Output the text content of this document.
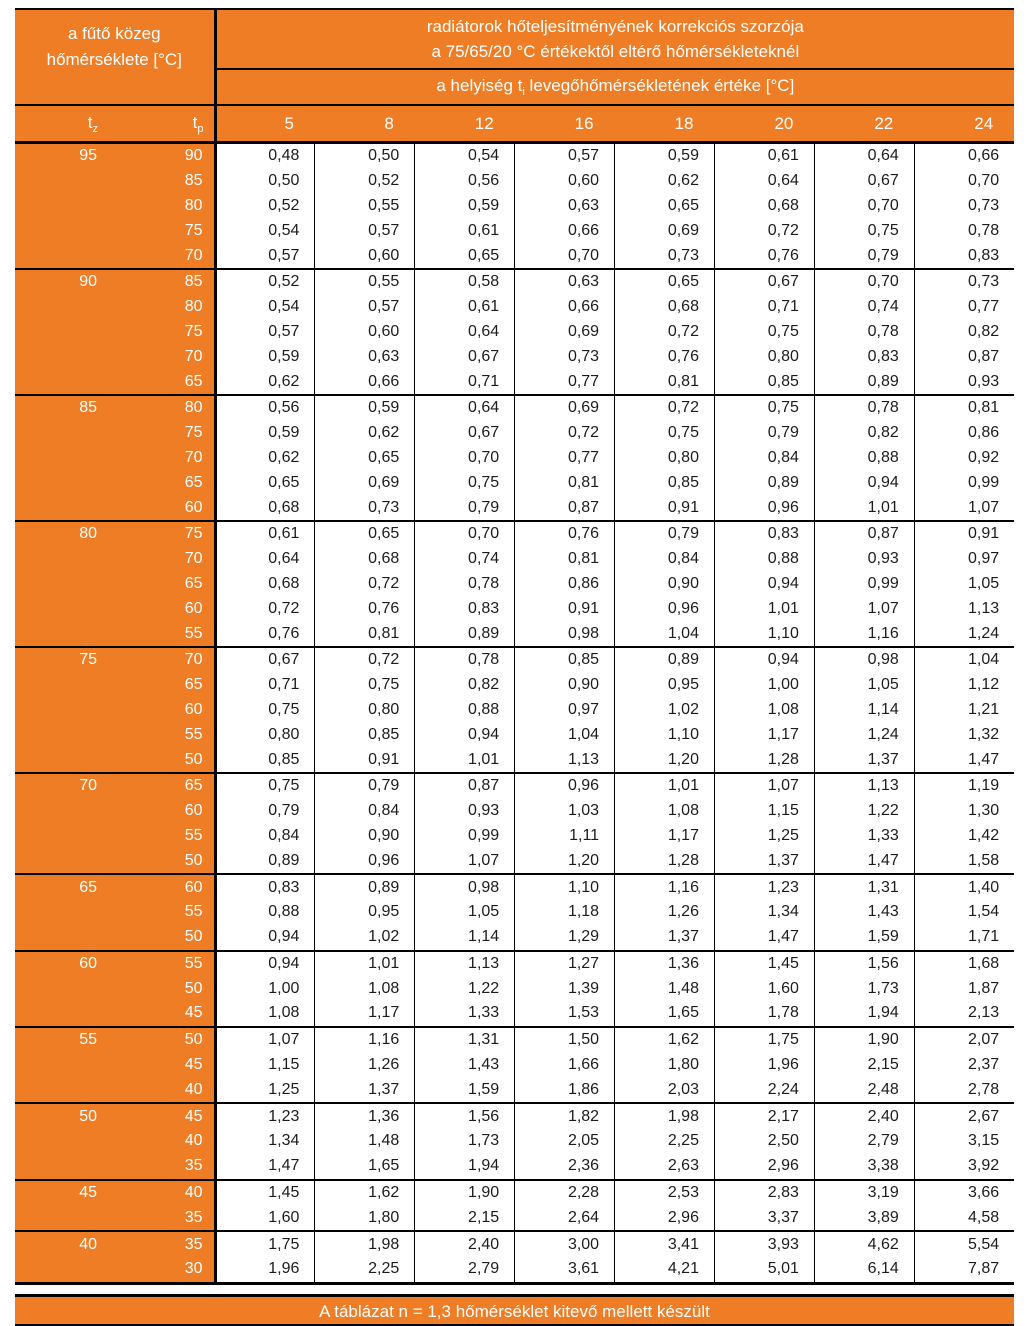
a fűtő közeg
hőmérséklete [°C]

radiátorok hőteljesítményének korrekciós szorzója
a 75/65/20 °C értékektől eltérő hőmérsékleteknél

		a helyiség $t_i$ levegőhőmérsékletének értéke [°C]							
$t_z$	$t_p$	5	8	12	16	18	20	22	24
95	90	0,48	0,50	0,54	0,57	0,59	0,61	0,64	0,66
	85	0,50	0,52	0,56	0,60	0,62	0,64	0,67	0,70
	80	0,52	0,55	0,59	0,63	0,65	0,68	0,70	0,73
	75	0,54	0,57	0,61	0,66	0,69	0,72	0,75	0,78
	70	0,57	0,60	0,65	0,70	0,73	0,76	0,79	0,83
90	85	0,52	0,55	0,58	0,63	0,65	0,67	0,70	0,73
	80	0,54	0,57	0,61	0,66	0,68	0,71	0,74	0,77
	75	0,57	0,60	0,64	0,69	0,72	0,75	0,78	0,82
	70	0,59	0,63	0,67	0,73	0,76	0,80	0,83	0,87
	65	0,62	0,66	0,71	0,77	0,81	0,85	0,89	0,93
85	80	0,56	0,59	0,64	0,69	0,72	0,75	0,78	0,81
	75	0,59	0,62	0,67	0,72	0,75	0,79	0,82	0,86
	70	0,62	0,65	0,70	0,77	0,80	0,84	0,88	0,92
	65	0,65	0,69	0,75	0,81	0,85	0,89	0,94	0,99
	60	0,68	0,73	0,79	0,87	0,91	0,96	1,01	1,07
80	75	0,61	0,65	0,70	0,76	0,79	0,83	0,87	0,91
	70	0,64	0,68	0,74	0,81	0,84	0,88	0,93	0,97
	65	0,68	0,72	0,78	0,86	0,90	0,94	0,99	1,05
	60	0,72	0,76	0,83	0,91	0,96	1,01	1,07	1,13
	55	0,76	0,81	0,89	0,98	1,04	1,10	1,16	1,24
75	70	0,67	0,72	0,78	0,85	0,89	0,94	0,98	1,04
	65	0,71	0,75	0,82	0,90	0,95	1,00	1,05	1,12
	60	0,75	0,80	0,88	0,97	1,02	1,08	1,14	1,21
	55	0,80	0,85	0,94	1,04	1,10	1,17	1,24	1,32
	50	0,85	0,91	1,01	1,13	1,20	1,28	1,37	1,47
70	65	0,75	0,79	0,87	0,96	1,01	1,07	1,13	1,19
	60	0,79	0,84	0,93	1,03	1,08	1,15	1,22	1,30
	55	0,84	0,90	0,99	1,11	1,17	1,25	1,33	1,42
	50	0,89	0,96	1,07	1,20	1,28	1,37	1,47	1,58
65	60	0,83	0,89	0,98	1,10	1,16	1,23	1,31	1,40
	55	0,88	0,95	1,05	1,18	1,26	1,34	1,43	1,54
	50	0,94	1,02	1,14	1,29	1,37	1,47	1,59	1,71
60	55	0,94	1,01	1,13	1,27	1,36	1,45	1,56	1,68
	50	1,00	1,08	1,22	1,39	1,48	1,60	1,73	1,87
	45	1,08	1,17	1,33	1,53	1,65	1,78	1,94	2,13
55	50	1,07	1,16	1,31	1,50	1,62	1,75	1,90	2,07
	45	1,15	1,26	1,43	1,66	1,80	1,96	2,15	2,37
	40	1,25	1,37	1,59	1,86	2,03	2,24	2,48	2,78
50	45	1,23	1,36	1,56	1,82	1,98	2,17	2,40	2,67
	40	1,34	1,48	1,73	2,05	2,25	2,50	2,79	3,15
	35	1,47	1,65	1,94	2,36	2,63	2,96	3,38	3,92
45	40	1,45	1,62	1,90	2,28	2,53	2,83	3,19	3,66
	35	1,60	1,80	2,15	2,64	2,96	3,37	3,89	4,58
40	35	1,75	1,98	2,40	3,00	3,41	3,93	4,62	5,54
	30	1,96	2,25	2,79	3,61	4,21	5,01	6,14	7,87
A táblázat n = 1,3 hőmérséklet kitevő mellett készült
